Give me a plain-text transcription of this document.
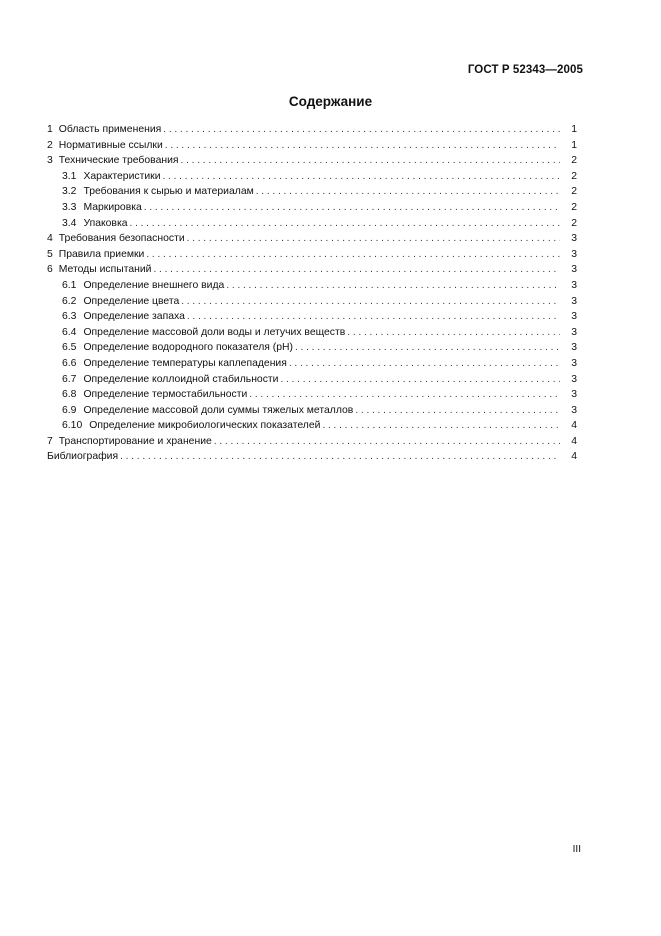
ГОСТ Р 52343—2005
Содержание
1 Область применения . . .	1
2 Нормативные ссылки . . .	1
3 Технические требования . . .	2
3.1 Характеристики . . .	2
3.2 Требования к сырью и материалам . . .	2
3.3 Маркировка . . .	2
3.4 Упаковка . . .	2
4 Требования безопасности . . .	3
5 Правила приемки . . .	3
6 Методы испытаний . . .	3
6.1 Определение внешнего вида . . .	3
6.2 Определение цвета . . .	3
6.3 Определение запаха . . .	3
6.4 Определение массовой доли воды и летучих веществ . . .	3
6.5 Определение водородного показателя (pH) . . .	3
6.6 Определение температуры каплепадения . . .	3
6.7 Определение коллоидной стабильности . . .	3
6.8 Определение термостабильности . . .	3
6.9 Определение массовой доли суммы тяжелых металлов . . .	3
6.10 Определение микробиологических показателей . . .	4
7 Транспортирование и хранение . . .	4
Библиография . . .	4
III
